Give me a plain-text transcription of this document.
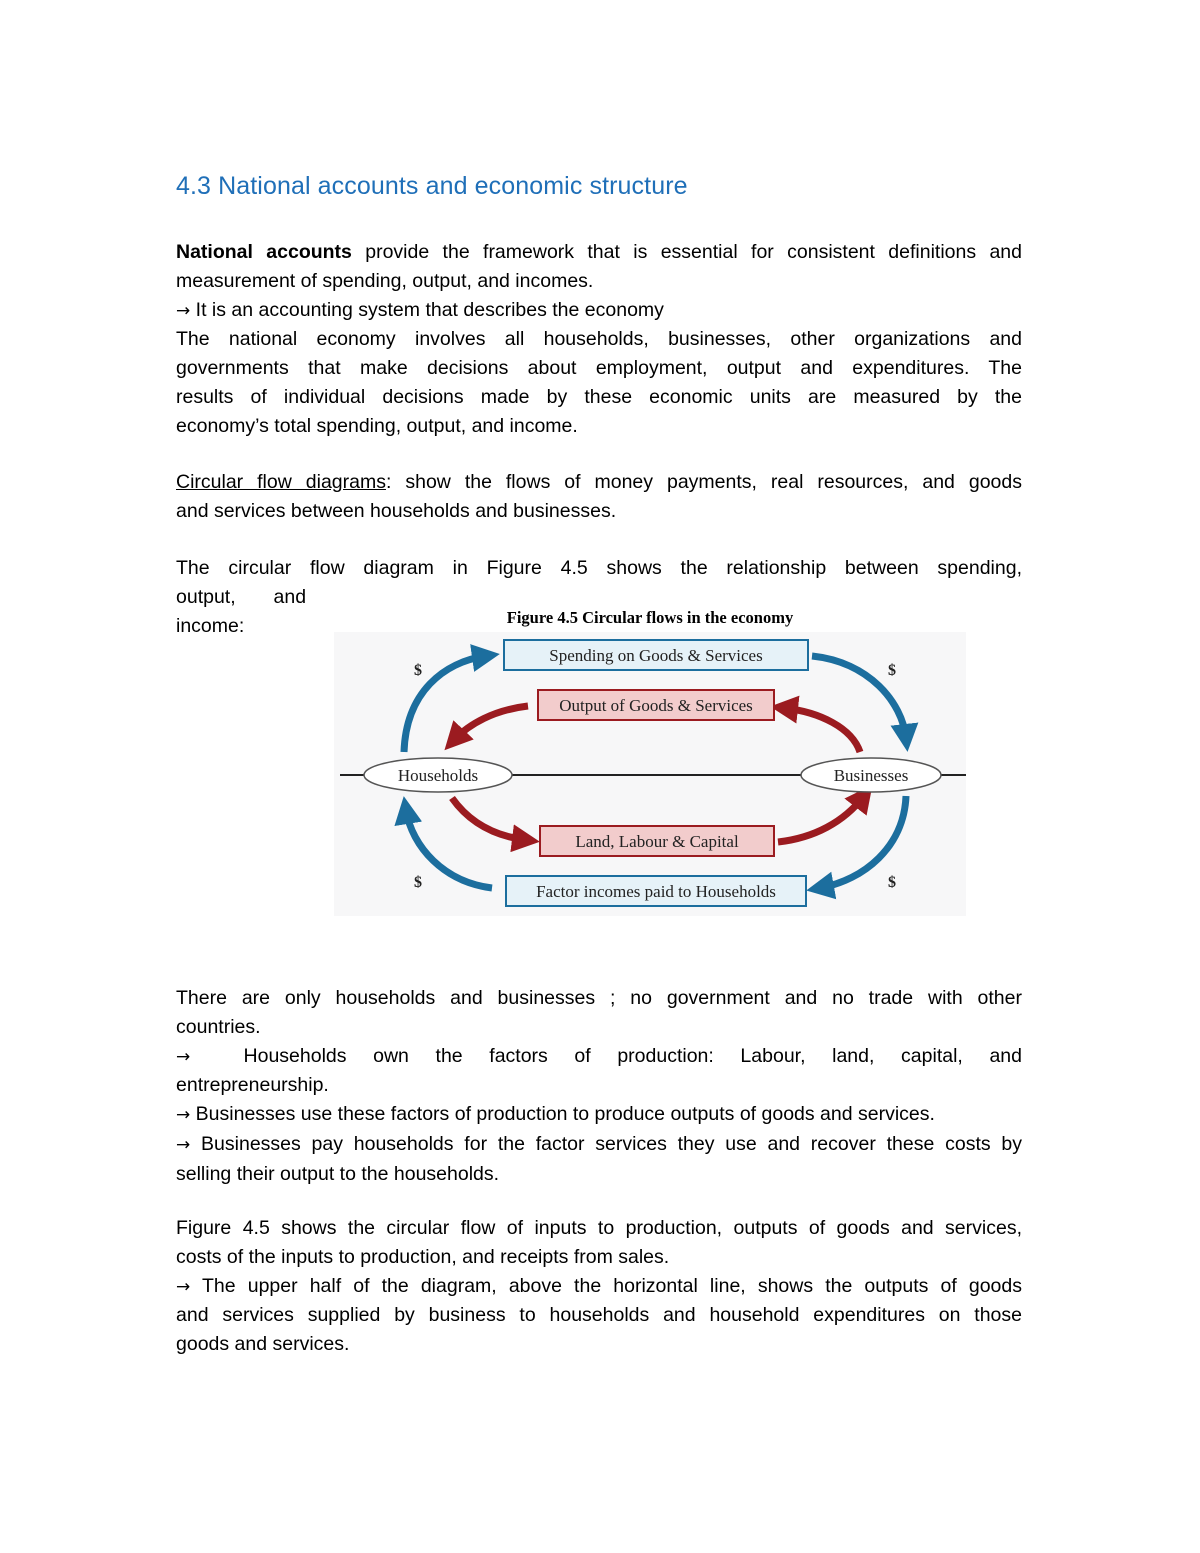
4.3 National accounts and economic structure

National accounts provide the framework that is essential for consistent definitions and

measurement of spending, output, and incomes.

→ It is an accounting system that describes the economy

The national economy involves all households, businesses, other organizations and

governments that make decisions about employment, output and expenditures. The

results of individual decisions made by these economic units are measured by the

economy’s total spending, output, and income.

Circular flow diagrams: show the flows of money payments, real resources, and goods

and services between households and businesses.

The circular flow diagram in Figure 4.5 shows the relationship between spending,

output,       and

income:	Figure 4.5 Circular flows in the economy

Spending on Goods & Services
Output of Goods & Services
Land, Labour & Capital
Factor incomes paid to Households
Households	Businesses
$	$
$	$

There are only households and businesses ; no government and no trade with other

countries.

→  Households own the factors of production: Labour, land, capital, and

entrepreneurship.

→ Businesses use these factors of production to produce outputs of goods and services.

→ Businesses pay households for the factor services they use and recover these costs by

selling their output to the households.

Figure 4.5 shows the circular flow of inputs to production, outputs of goods and services,

costs of the inputs to production, and receipts from sales.

→ The upper half of the diagram, above the horizontal line, shows the outputs of goods

and services supplied by business to households and household expenditures on those

goods and services.
